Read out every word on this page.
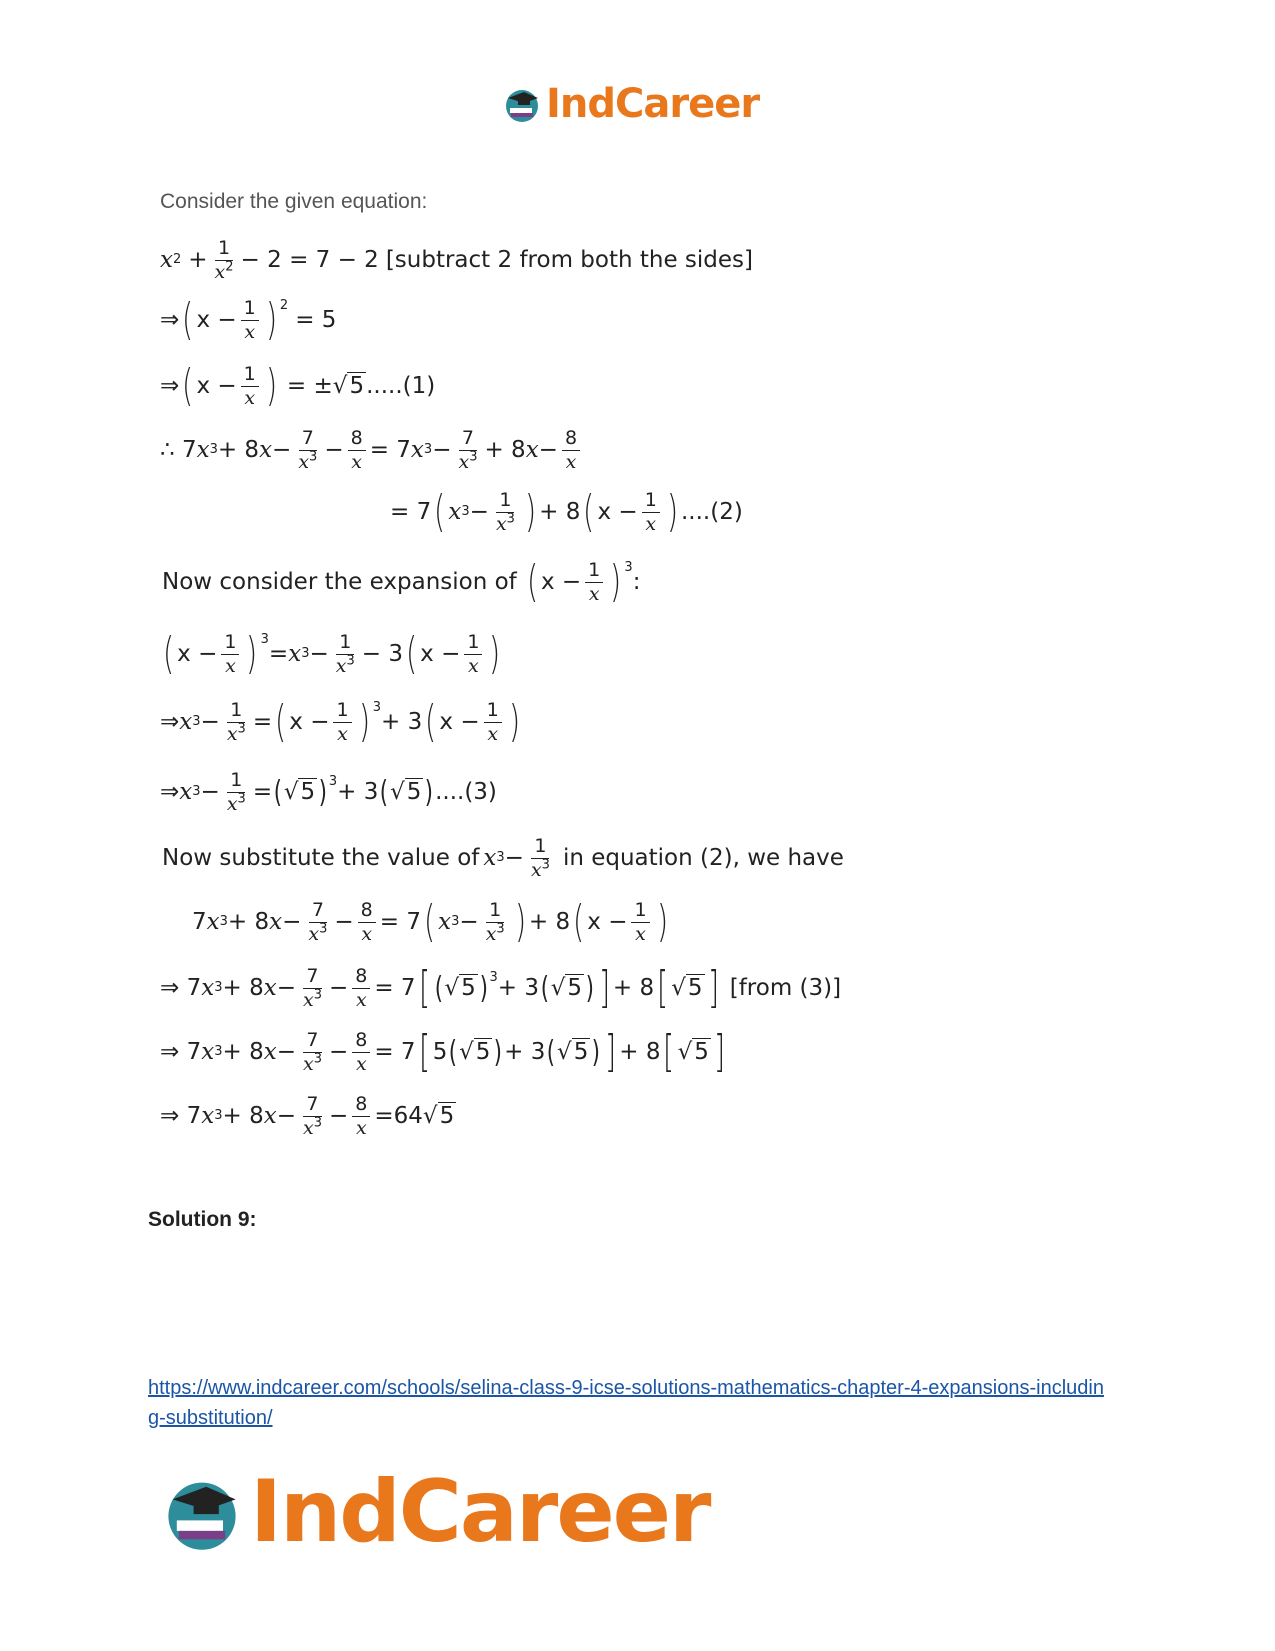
IndCareer
Consider the given equation:
x $2 + \frac{1}{x^2} - 2 = 7 - 2$ [subtract 2 from both the sides]
⇒ ( $x - \frac{1}{x} )^2$
= 5
⇒ ( $x - \frac{1}{x}$ ) = ± √5 ..... (1)
∴ 7 x 3 + 8 $x - \frac{7}{x^3} - \frac{8}{x} = 7$ x $3 - \frac{7}{x^3} + 8$ $x - \frac{8}{x}$
= 7 ( x $3 - \frac{1}{x^3}$ ) + 8 ( $x - \frac{1}{x}$ ) .... (2)
Now consider the expansion of ( $x - \frac{1}{x} )^3$
:
( $x - \frac{1}{x} )^3$
= x $3 - \frac{1}{x^3} - 3$ ( $x - \frac{1}{x}$ )
⇒ x $3 - \frac{1}{x^3}$ = ( $x - \frac{1}{x} )^3$
+ 3 ( $x - \frac{1}{x}$ )
⇒ x $3 - \frac{1}{x^3}$ = ( √5 )$^3$ + 3 ( √5 ) .... (3)
Now substitute the value of x $3 - \frac{1}{x^3}$ in equation (2), we have
7 x 3 + 8 $x - \frac{7}{x^3} - \frac{8}{x} = 7$ ( x $3 - \frac{1}{x^3}$ ) + 8 ( $x - \frac{1}{x}$ )
⇒ 7 x 3 + 8 $x - \frac{7}{x^3} - \frac{8}{x} = 7$ [ ( √5 )$^3$ + 3 ( √5 ) ] + 8 [ √5 ] [from (3)]
⇒ 7 x 3 + 8 $x - \frac{7}{x^3} - \frac{8}{x} = 7$ [ 5 ( √5 ) + 3 ( √5 ) ] + 8 [ √5 ]
⇒ 7 x 3 + 8 $x - \frac{7}{x^3} - \frac{8}{x} = 64$ √5
Solution 9:
https://www.indcareer.com/schools/selina-class-9-icse-solutions-mathematics-chapter-4-expansions-including-substitution/
IndCareer
